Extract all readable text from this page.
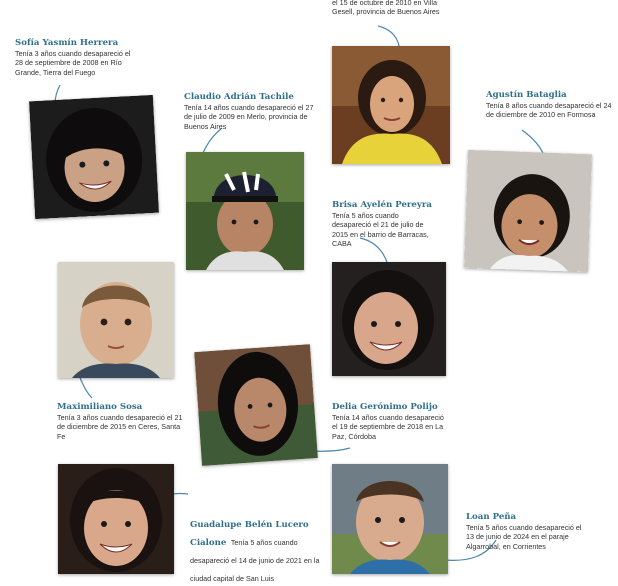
el 15 de octubre de 2010 en Villa Gesell, provincia de Buenos Aires
Sofía Yasmín Herrera
Tenía 3 años cuando desapareció el 28 de septiembre de 2008 en Río Grande, Tierra del Fuego
Claudio Adrián Tachile
Tenía 14 años cuando desapareció el 27 de julio de 2009 en Merlo, provincia de Buenos Aires
Agustín Bataglia
Tenía 8 años cuando desapareció el 24 de diciembre de 2010 en Formosa
Brisa Ayelén Pereyra
Tenía 5 años cuando desapareció el 21 de julio de 2015 en el barrio de Barracas, CABA
Maximiliano Sosa
Tenía 3 años cuando desapareció el 21 de diciembre de 2015 en Ceres, Santa Fe
Delia Gerónimo Polijo
Tenía 14 años cuando desapareció el 19 de septiembre de 2018 en La Paz, Córdoba
Guadalupe Belén Lucero Cialone Tenía 5 años cuando desapareció el 14 de junio de 2021 en la ciudad capital de San Luis
Loan Peña
Tenía 5 años cuando desapareció el 13 de junio de 2024 en el paraje Algarrobal, en Corrientes
